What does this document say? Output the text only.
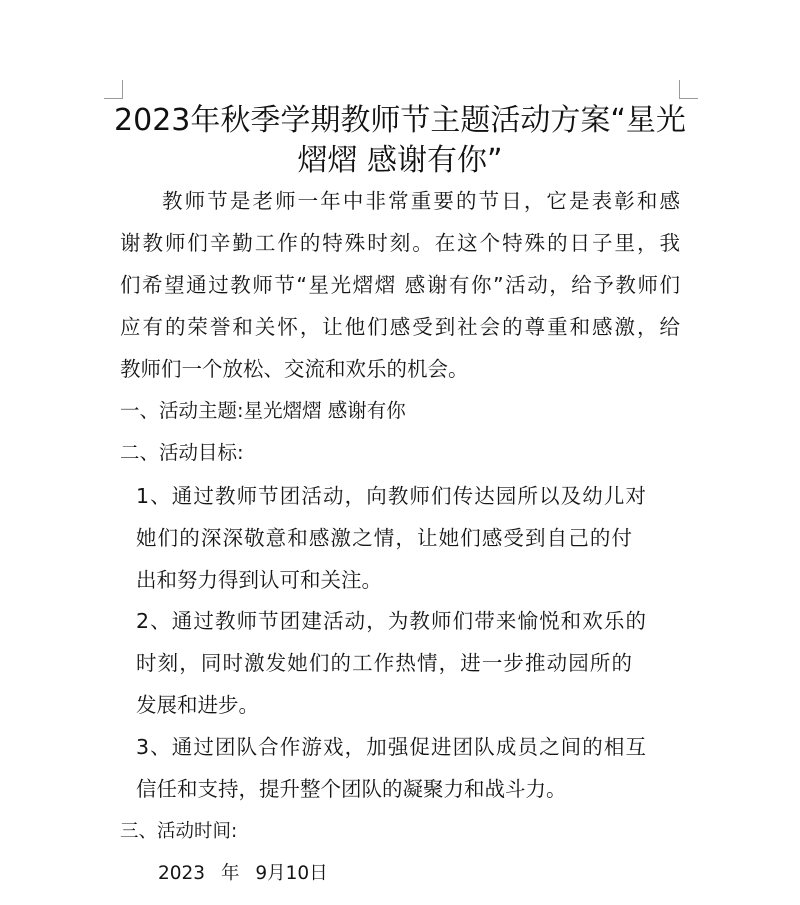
2023年秋季学期教师节主题活动方案“星光
熠熠 感谢有你”
教师节是老师一年中非常重要的节日，它是表彰和感
谢教师们辛勤工作的特殊时刻。在这个特殊的日子里，我
们希望通过教师节“星光熠熠 感谢有你”活动，给予教师们
应有的荣誉和关怀，让他们感受到社会的尊重和感激，给
教师们一个放松、交流和欢乐的机会。
一、活动主题:星光熠熠 感谢有你
二、活动目标:
1、通过教师节团活动，向教师们传达园所以及幼儿对
她们的深深敬意和感激之情，让她们感受到自己的付
出和努力得到认可和关注。
2、通过教师节团建活动，为教师们带来愉悦和欢乐的
时刻，同时激发她们的工作热情，进一步推动园所的
发展和进步。
3、通过团队合作游戏，加强促进团队成员之间的相互
信任和支持，提升整个团队的凝聚力和战斗力。
三、活动时间:
2023 年 9月10日
